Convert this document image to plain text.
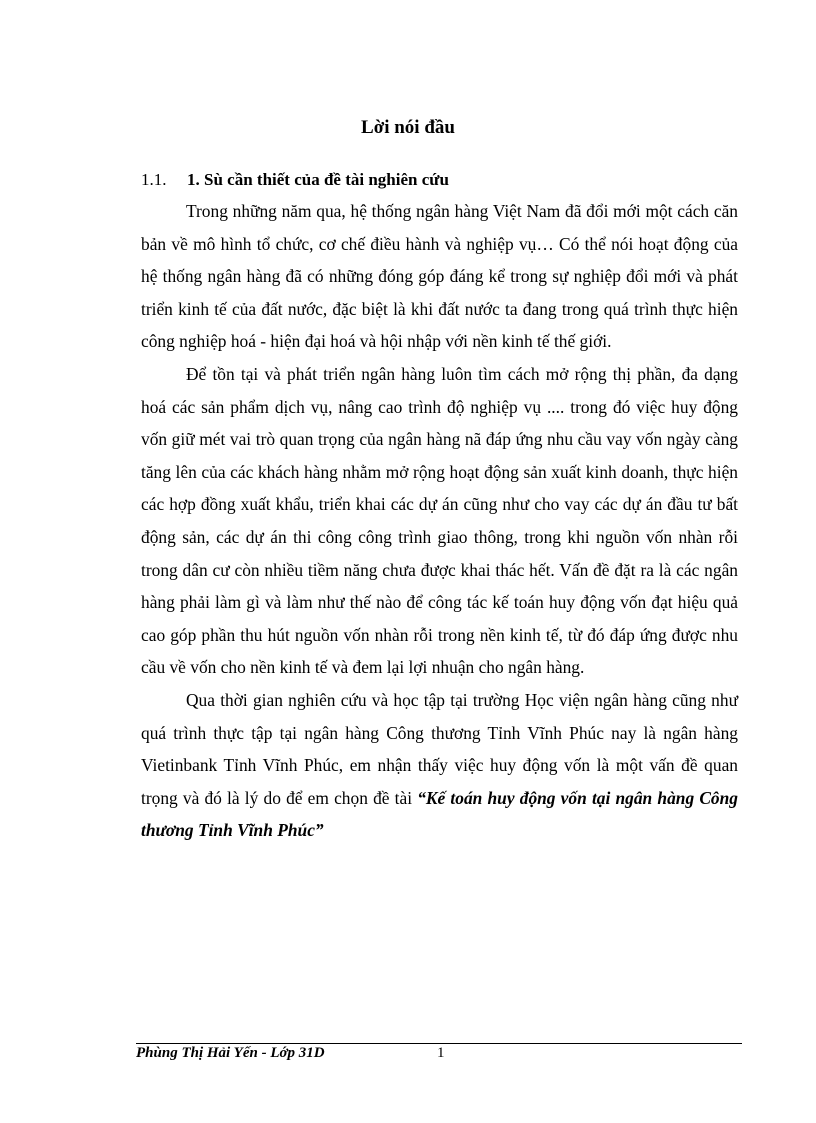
Lời nói đầu
1.1. 1. Sù cần thiết của đề tài nghiên cứu

Trong những năm qua, hệ thống ngân hàng Việt Nam đã đổi mới một cách căn bản về mô hình tổ chức, cơ chế điều hành và nghiệp vụ… Có thể nói hoạt động của hệ thống ngân hàng đã có những đóng góp đáng kể trong sự nghiệp đổi mới và phát triển kinh tế của đất nước, đặc biệt là khi đất nước ta đang trong quá trình thực hiện công nghiệp hoá - hiện đại hoá và hội nhập với nền kinh tế thế giới.

Để tồn tại và phát triển ngân hàng luôn tìm cách mở rộng thị phần, đa dạng hoá các sản phẩm dịch vụ, nâng cao trình độ nghiệp vụ .... trong đó việc huy động vốn giữ mét vai trò quan trọng của ngân hàng nã đáp ứng nhu cầu vay vốn ngày càng tăng lên của các khách hàng nhằm mở rộng hoạt động sản xuất kinh doanh, thực hiện các hợp đồng xuất khẩu, triển khai các dự án cũng như cho vay các dự án đầu tư bất động sản, các dự án thi công công trình giao thông, trong khi nguồn vốn nhàn rỗi trong dân cư còn nhiều tiềm năng chưa được khai thác hết. Vấn đề đặt ra là các ngân hàng phải làm gì và làm như thế nào để công tác kế toán huy động vốn đạt hiệu quả cao góp phần thu hút nguồn vốn nhàn rỗi trong nền kinh tế, từ đó đáp ứng được nhu cầu về vốn cho nền kinh tế và đem lại lợi nhuận cho ngân hàng.

Qua thời gian nghiên cứu và học tập tại trường Học viện ngân hàng cũng như quá trình thực tập tại ngân hàng Công thương Tỉnh Vĩnh Phúc nay là ngân hàng Vietinbank Tỉnh Vĩnh Phúc, em nhận thấy việc huy động vốn là một vấn đề quan trọng và đó là lý do để em chọn đề tài “Kế toán huy động vốn tại ngân hàng Công thương Tỉnh Vĩnh Phúc”

Phùng Thị Hải Yến - Lớp 31D	1
